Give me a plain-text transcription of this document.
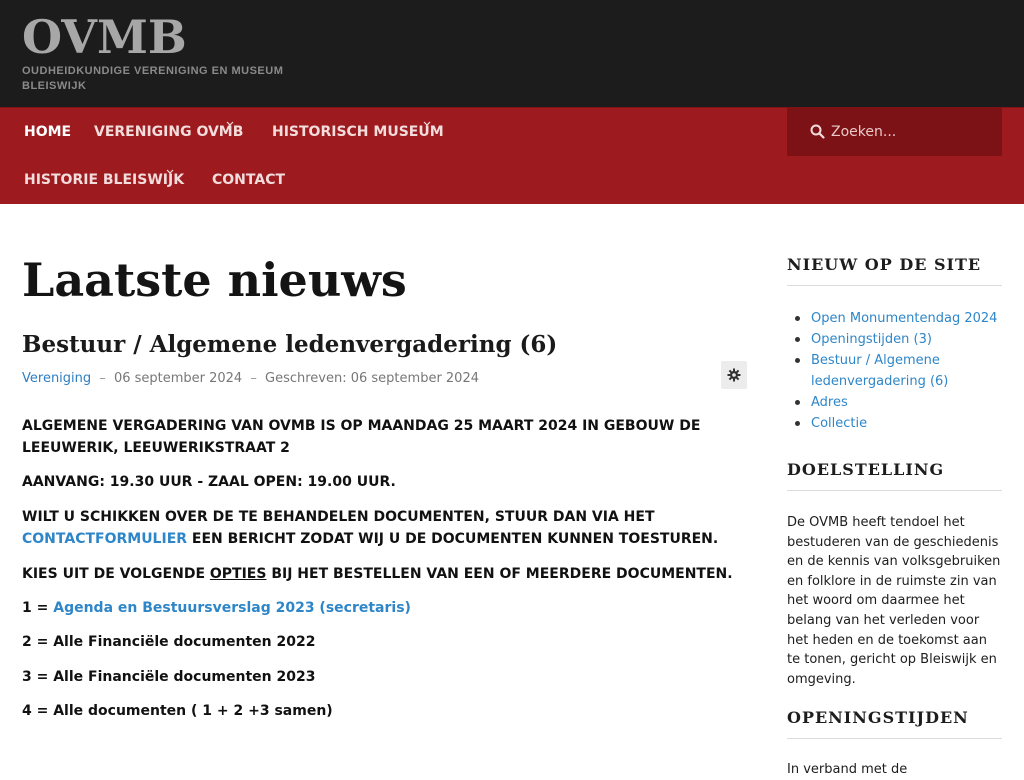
OVMB
OUDHEIDKUNDIGE VERENIGING EN MUSEUM BLEISWIJK
HOME VERENIGING OVMB HISTORISCH MUSEUM
HISTORIE BLEISWIJK CONTACT
Zoeken...
Laatste nieuws
Bestuur / Algemene ledenvergadering (6)
Vereniging – 06 september 2024 – Geschreven: 06 september 2024

ALGEMENE VERGADERING VAN OVMB IS OP MAANDAG 25 MAART 2024 IN GEBOUW DE LEEUWERIK, LEEUWERIKSTRAAT 2

AANVANG: 19.30 UUR - ZAAL OPEN: 19.00 UUR.

WILT U SCHIKKEN OVER DE TE BEHANDELEN DOCUMENTEN, STUUR DAN VIA HET CONTACTFORMULIER EEN BERICHT ZODAT WIJ U DE DOCUMENTEN KUNNEN TOESTUREN.

KIES UIT DE VOLGENDE OPTIES BIJ HET BESTELLEN VAN EEN OF MEERDERE DOCUMENTEN.

1 = Agenda en Bestuursverslag 2023 (secretaris)

2 = Alle Financiële documenten 2022

3 = Alle Financiële documenten 2023

4 = Alle documenten ( 1 + 2 +3 samen)

NIEUW OP DE SITE
Open Monumentendag 2024
Openingstijden (3)
Bestuur / Algemene ledenvergadering (6)
Adres
Collectie
DOELSTELLING

De OVMB heeft tendoel het bestuderen van de geschiedenis en de kennis van volksgebruiken en folklore in de ruimste zin van het woord om daarmee het belang van het verleden voor het heden en de toekomst aan te tonen, gericht op Bleiswijk en omgeving.

OPENINGSTIJDEN

In verband met de
